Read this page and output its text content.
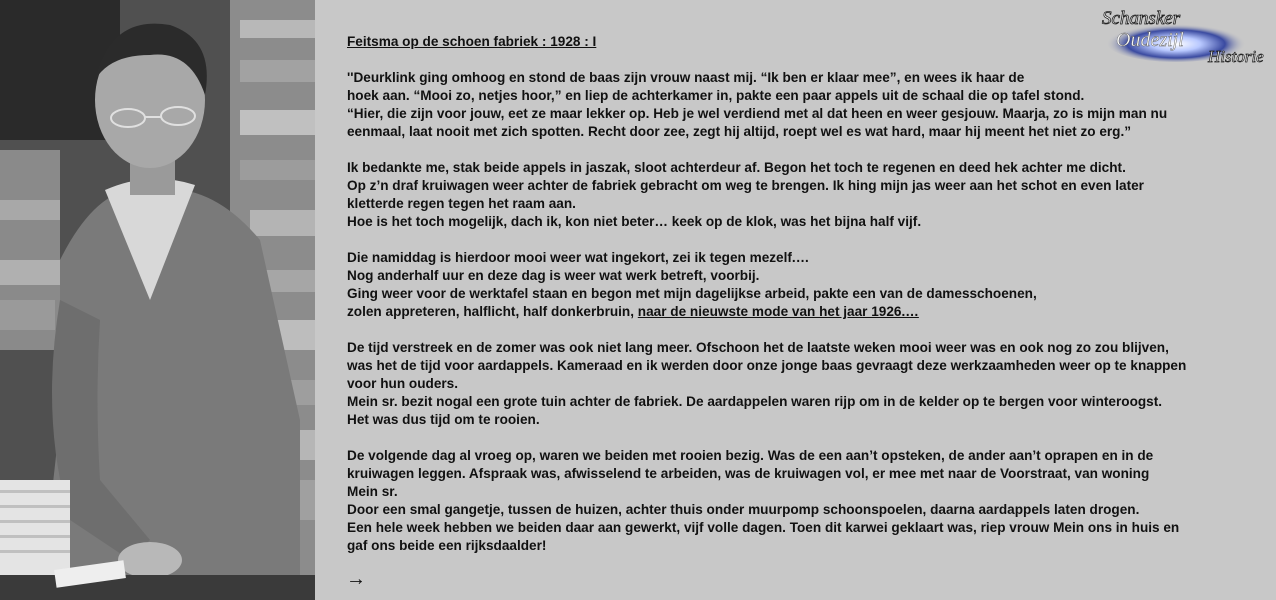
Schansker
Oudezijl
Historie

Feitsma op de schoen fabriek : 1928 : I

''Deurklink ging omhoog en stond de baas zijn vrouw naast mij. “Ik ben er klaar mee”, en wees ik haar de

hoek aan. “Mooi zo, netjes hoor,” en liep de achterkamer in, pakte een paar appels uit de schaal die op tafel stond.

“Hier, die zijn voor jouw, eet ze maar lekker op. Heb je wel verdiend met al dat heen en weer gesjouw. Maarja, zo is mijn man nu

eenmaal, laat nooit met zich spotten. Recht door zee, zegt hij altijd, roept wel es wat hard, maar hij meent het niet zo erg.”

Ik bedankte me, stak beide appels in jaszak, sloot achterdeur af. Begon het toch te regenen en deed hek achter me dicht.

Op z’n draf kruiwagen weer achter de fabriek gebracht om weg te brengen. Ik hing mijn jas weer aan het schot en even later

kletterde regen tegen het raam aan.

Hoe is het toch mogelijk, dach ik, kon niet beter… keek op de klok, was het bijna half vijf.

Die namiddag is hierdoor mooi weer wat ingekort, zei ik tegen mezelf.…

Nog anderhalf uur en deze dag is weer wat werk betreft, voorbij.

Ging weer voor de werktafel staan en begon met mijn dagelijkse arbeid, pakte een van de damesschoenen,

zolen appreteren, halflicht, half donkerbruin, naar de nieuwste mode van het jaar 1926.…

De tijd verstreek en de zomer was ook niet lang meer. Ofschoon het de laatste weken mooi weer was en ook nog zo zou blijven,

was het de tijd voor aardappels. Kameraad en ik werden door onze jonge baas gevraagt deze werkzaamheden weer op te knappen

voor hun ouders.

Mein sr. bezit nogal een grote tuin achter de fabriek. De aardappelen waren rijp om in de kelder op te bergen voor winteroogst.

Het was dus tijd om te rooien.

De volgende dag al vroeg op, waren we beiden met rooien bezig. Was de een aan’t opsteken, de ander aan’t oprapen en in de

kruiwagen leggen. Afspraak was, afwisselend te arbeiden, was de kruiwagen vol, er mee met naar de Voorstraat, van woning

Mein sr.

Door een smal gangetje, tussen de huizen, achter thuis onder muurpomp schoonspoelen, daarna aardappels laten drogen.

Een hele week hebben we beiden daar aan gewerkt, vijf volle dagen. Toen dit karwei geklaart was, riep vrouw Mein ons in huis en

gaf ons beide een rijksdaalder!

→
